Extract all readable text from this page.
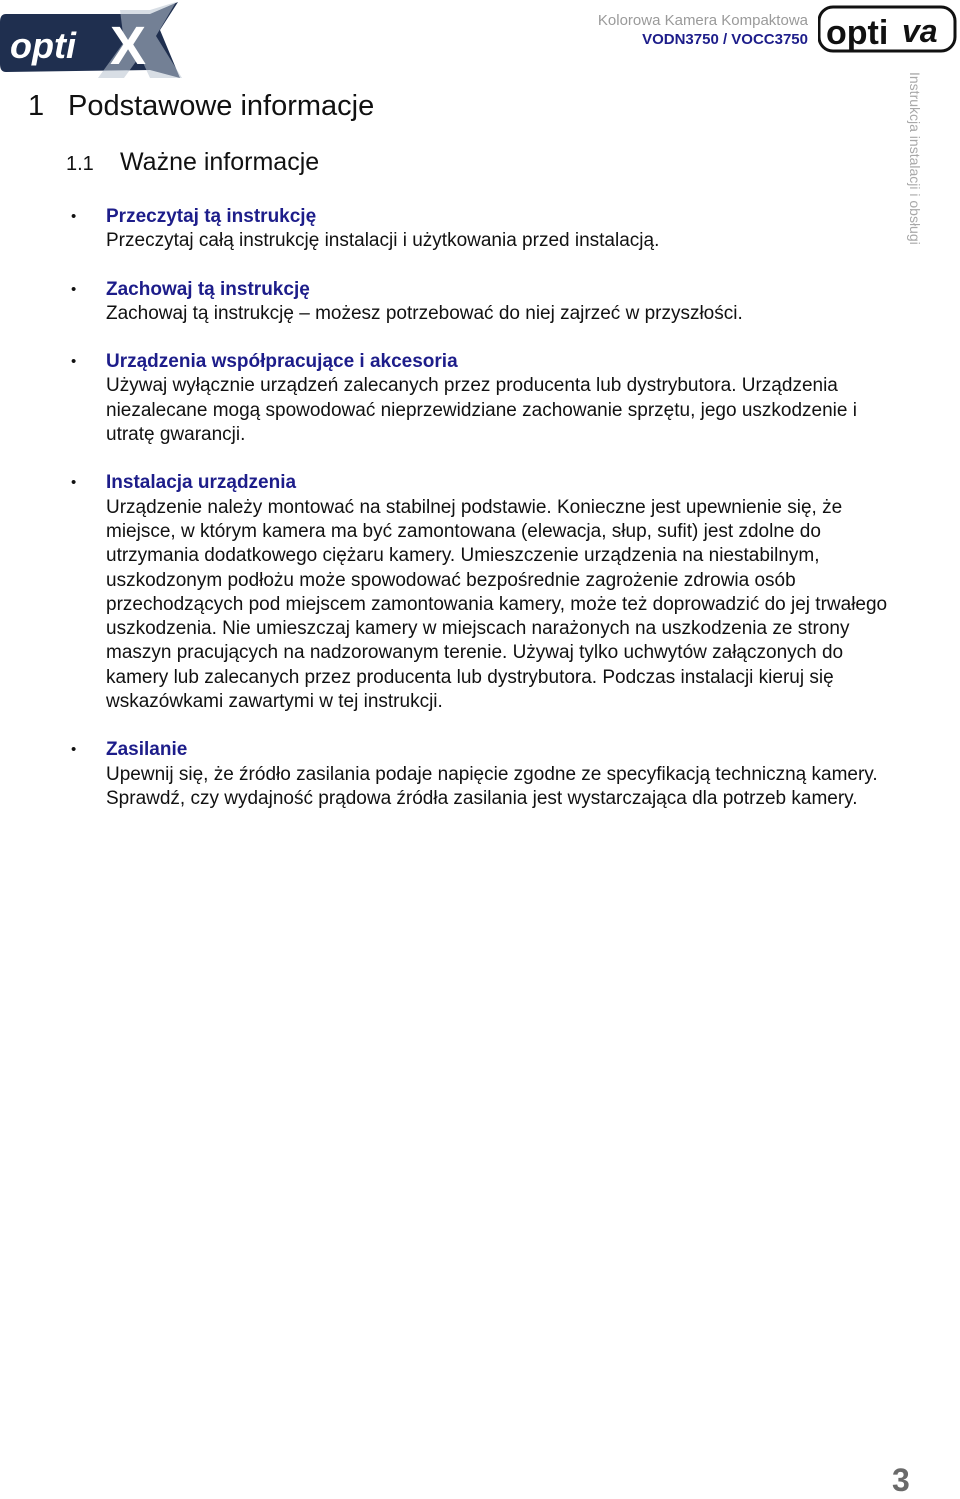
opti X	Kolorowa Kamera Kompaktowa
VODN3750 / VOCC3750 opti va
Instrukcja instalacji i obsługi
1 Podstawowe informacje
1.1 Ważne informacje
• Przeczytaj tą instrukcję
Przeczytaj całą instrukcję instalacji i użytkowania przed instalacją.
• Zachowaj tą instrukcję
Zachowaj tą instrukcję – możesz potrzebować do niej zajrzeć w przyszłości.
• Urządzenia współpracujące i akcesoria
Używaj wyłącznie urządzeń zalecanych przez producenta lub dystrybutora. Urządzenia niezalecane mogą spowodować nieprzewidziane zachowanie sprzętu, jego uszkodzenie i utratę gwarancji.
• Instalacja urządzenia
Urządzenie należy montować na stabilnej podstawie. Konieczne jest upewnienie się, że miejsce, w którym kamera ma być zamontowana (elewacja, słup, sufit) jest zdolne do utrzymania dodatkowego ciężaru kamery. Umieszczenie urządzenia na niestabilnym, uszkodzonym podłożu może spowodować bezpośrednie zagrożenie zdrowia osób przechodzących pod miejscem zamontowania kamery, może też doprowadzić do jej trwałego uszkodzenia. Nie umieszczaj kamery w miejscach narażonych na uszkodzenia ze strony maszyn pracujących na nadzorowanym terenie. Używaj tylko uchwytów załączonych do kamery lub zalecanych przez producenta lub dystrybutora. Podczas instalacji kieruj się wskazówkami zawartymi w tej instrukcji.
• Zasilanie
Upewnij się, że źródło zasilania podaje napięcie zgodne ze specyfikacją techniczną kamery. Sprawdź, czy wydajność prądowa źródła zasilania jest wystarczająca dla potrzeb kamery.
3
